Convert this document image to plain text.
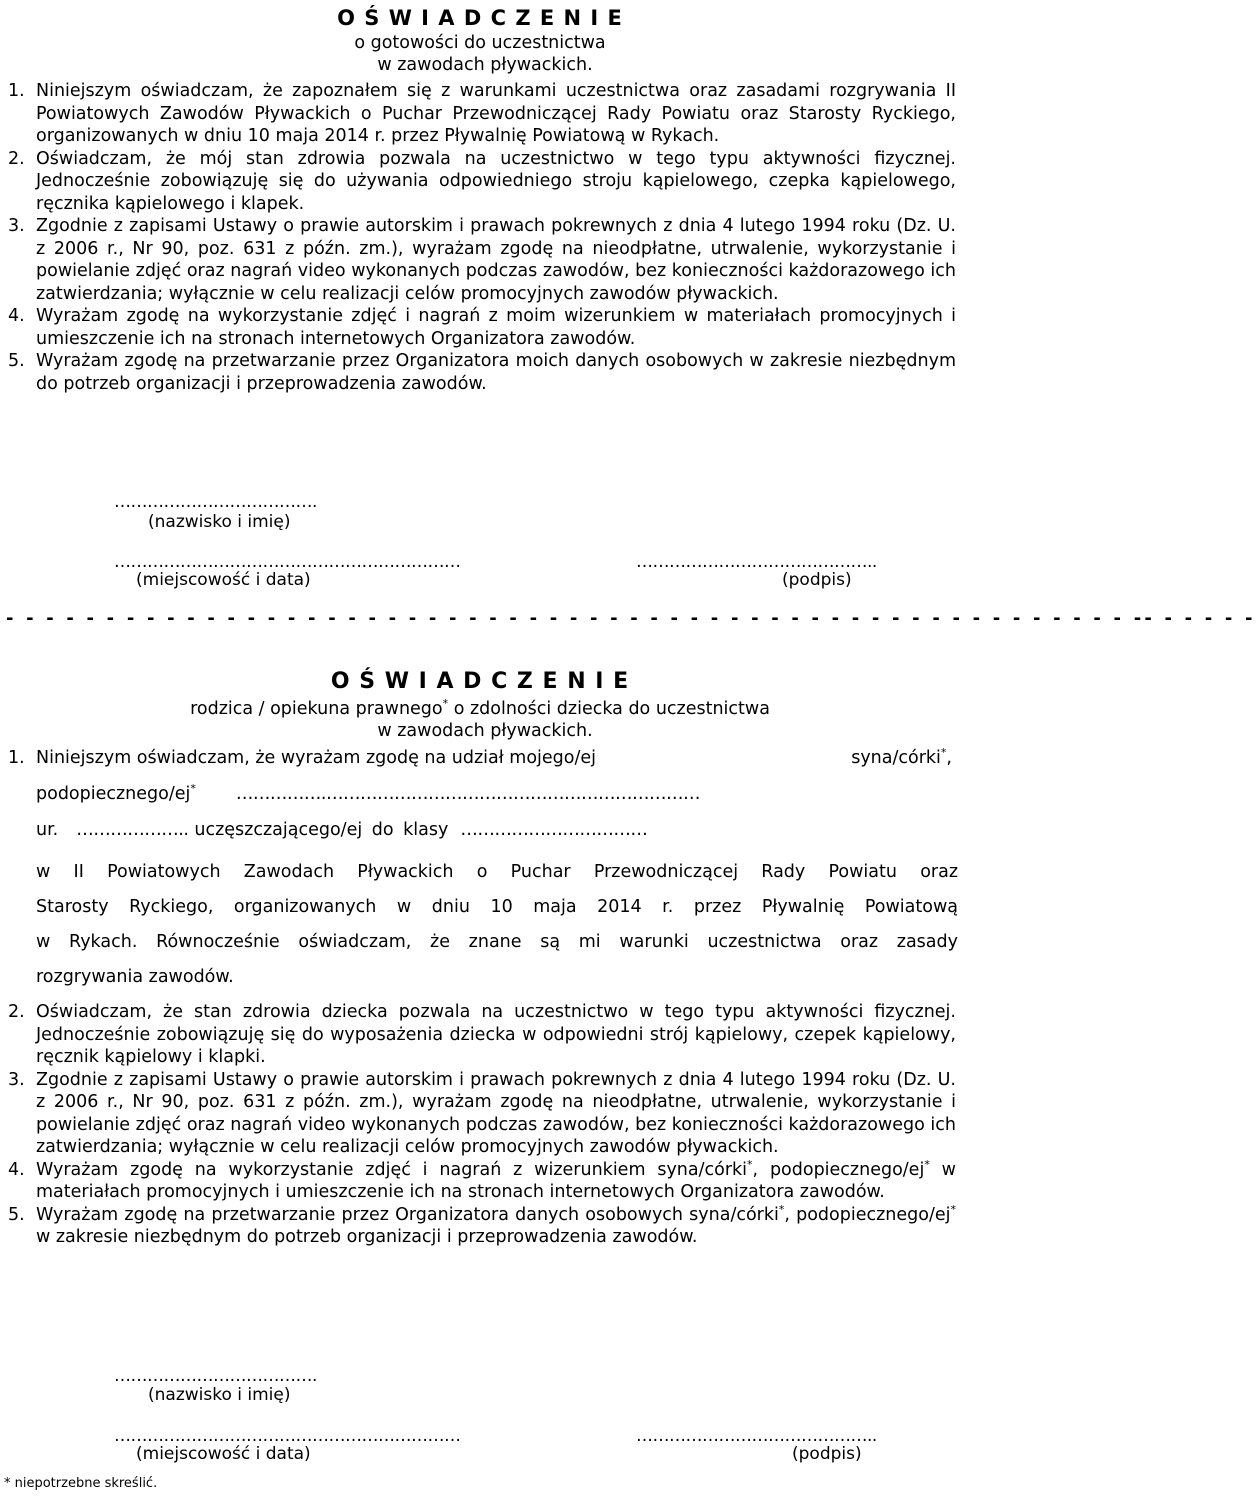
O Ś W I A D C Z E N I E
o gotowości do uczestnictwa
w zawodach pływackich.
1. Niniejszym oświadczam, że zapoznałem się z warunkami uczestnictwa oraz zasadami rozgrywania II Powiatowych Zawodów Pływackich o Puchar Przewodniczącej Rady Powiatu oraz Starosty Ryckiego, organizowanych w dniu 10 maja 2014 r. przez Pływalnię Powiatową w Rykach.
2. Oświadczam, że mój stan zdrowia pozwala na uczestnictwo w tego typu aktywności fizycznej. Jednocześnie zobowiązuję się do używania odpowiedniego stroju kąpielowego, czepka kąpielowego, ręcznika kąpielowego i klapek.
3. Zgodnie z zapisami Ustawy o prawie autorskim i prawach pokrewnych z dnia 4 lutego 1994 roku (Dz. U. z 2006 r., Nr 90, poz. 631 z późn. zm.), wyrażam zgodę na nieodpłatne, utrwalenie, wykorzystanie i powielanie zdjęć oraz nagrań video wykonanych podczas zawodów, bez konieczności każdorazowego ich zatwierdzania; wyłącznie w celu realizacji celów promocyjnych zawodów pływackich.
4. Wyrażam zgodę na wykorzystanie zdjęć i nagrań z moim wizerunkiem w materiałach promocyjnych i umieszczenie ich na stronach internetowych Organizatora zawodów.
5. Wyrażam zgodę na przetwarzanie przez Organizatora moich danych osobowych w zakresie niezbędnym do potrzeb organizacji i przeprowadzenia zawodów.
……………………………….
(nazwisko i imię)
………………………………………………………
(miejscowość i data)
……………………………………..
(podpis)
- - - - - - - - - - - - - - - - - - - - - - - - - - - - - - - - - - - - - - - - - - - - - - - - - - - - - - - - -- - - - - -
O Ś W I A D C Z E N I E
rodzica / opiekuna prawnego* o zdolności dziecka do uczestnictwa
w zawodach pływackich.
1. Niniejszym oświadczam, że wyrażam zgodę na udział mojego/ej	syna/córki*,
podopiecznego/ej* …………….…………………………………………………………
ur. ……………….. uczęszczającego/ej do klasy ……………………………
w II Powiatowych Zawodach Pływackich o Puchar Przewodniczącej Rady Powiatu oraz
Starosty Ryckiego, organizowanych w dniu 10 maja 2014 r. przez Pływalnię Powiatową
w Rykach. Równocześnie oświadczam, że znane są mi warunki uczestnictwa oraz zasady
rozgrywania zawodów.
2. Oświadczam, że stan zdrowia dziecka pozwala na uczestnictwo w tego typu aktywności fizycznej. Jednocześnie zobowiązuję się do wyposażenia dziecka w odpowiedni strój kąpielowy, czepek kąpielowy, ręcznik kąpielowy i klapki.
3. Zgodnie z zapisami Ustawy o prawie autorskim i prawach pokrewnych z dnia 4 lutego 1994 roku (Dz. U. z 2006 r., Nr 90, poz. 631 z późn. zm.), wyrażam zgodę na nieodpłatne, utrwalenie, wykorzystanie i powielanie zdjęć oraz nagrań video wykonanych podczas zawodów, bez konieczności każdorazowego ich zatwierdzania; wyłącznie w celu realizacji celów promocyjnych zawodów pływackich.
4. Wyrażam zgodę na wykorzystanie zdjęć i nagrań z wizerunkiem syna/córki*, podopiecznego/ej* w materiałach promocyjnych i umieszczenie ich na stronach internetowych Organizatora zawodów.
5. Wyrażam zgodę na przetwarzanie przez Organizatora danych osobowych syna/córki*, podopiecznego/ej* w zakresie niezbędnym do potrzeb organizacji i przeprowadzenia zawodów.
……………………………….
(nazwisko i imię)
………………………………………………………
(miejscowość i data)
……………………………………..
(podpis)
* niepotrzebne skreślić.
